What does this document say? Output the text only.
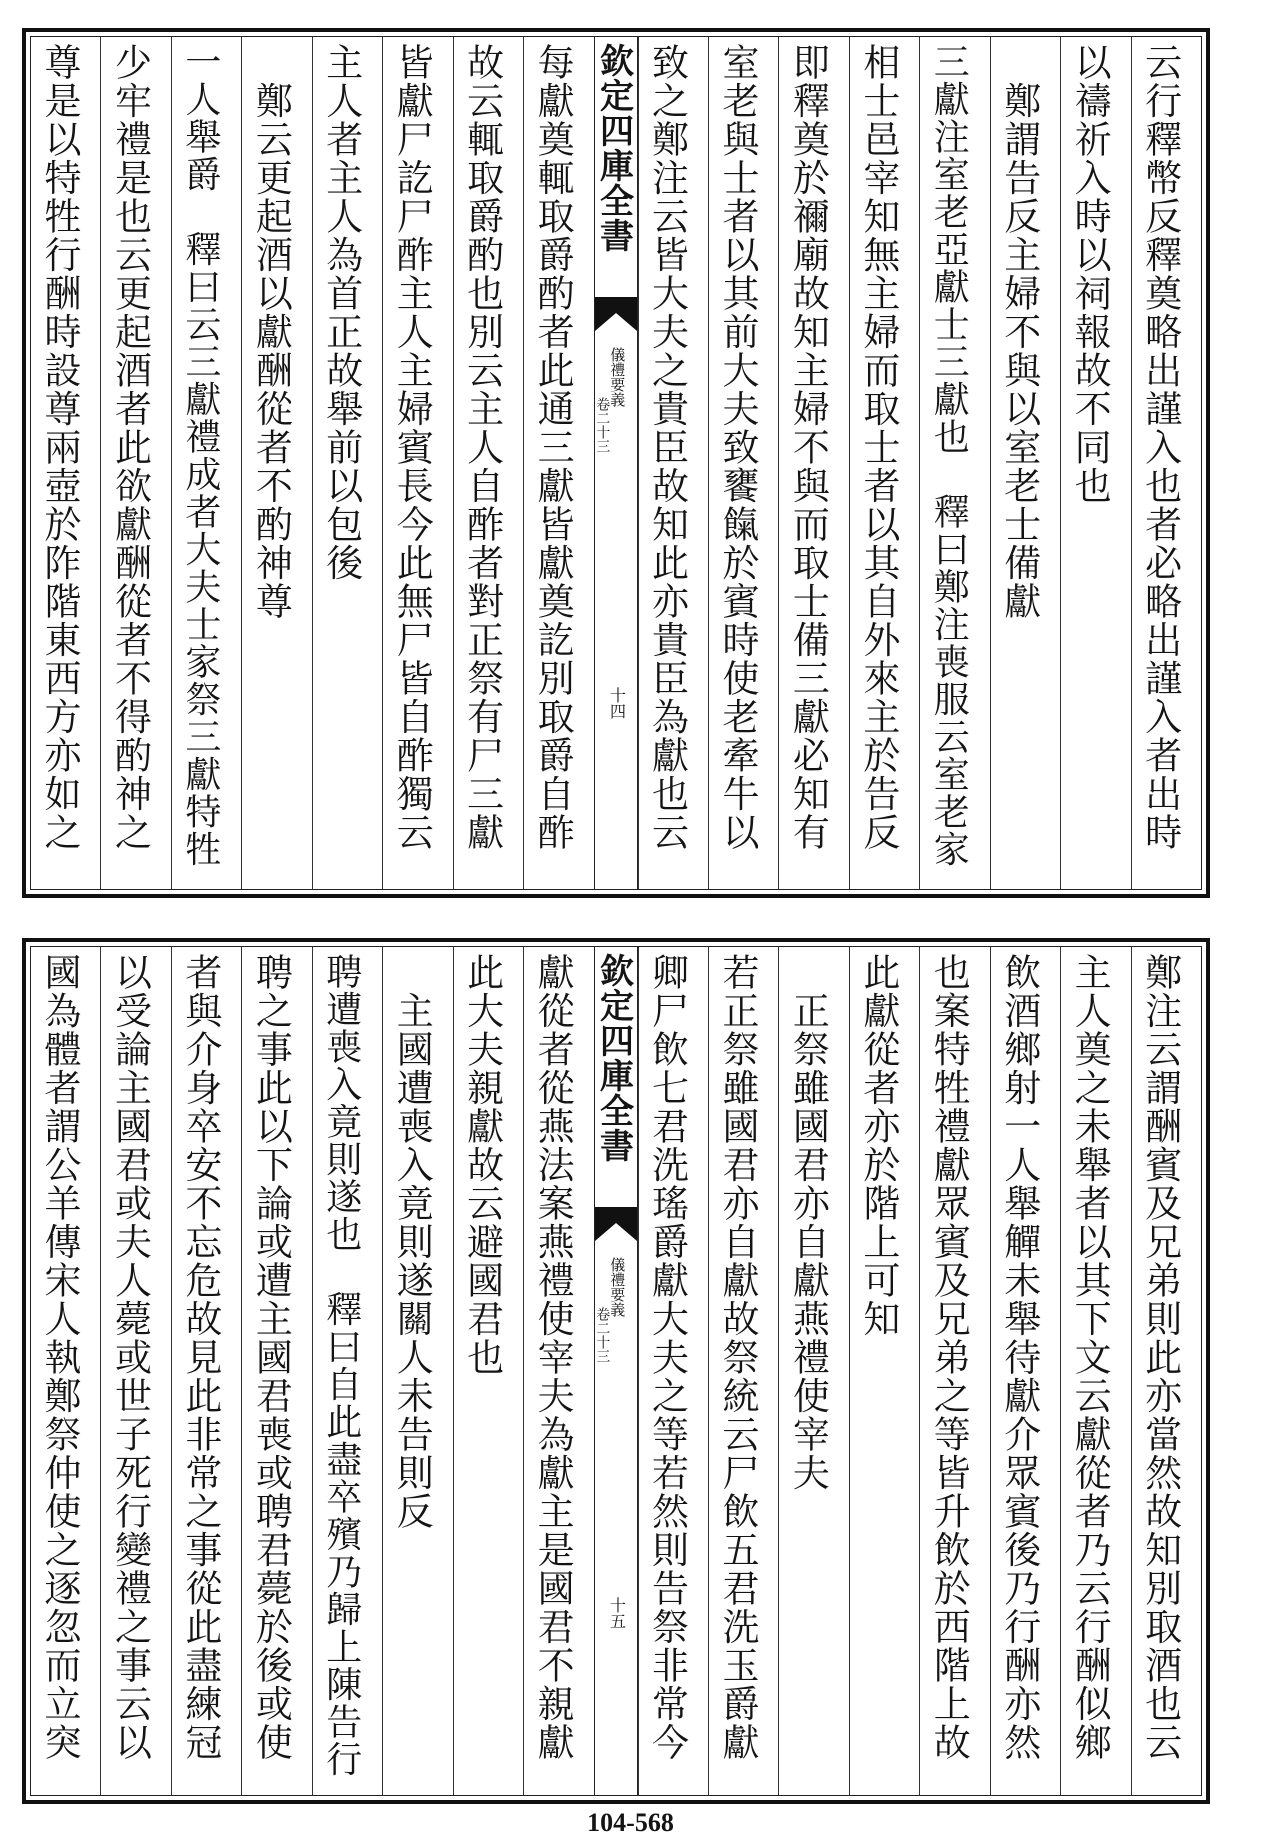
云行釋幣反釋奠略出謹入也者必略出謹入者出時
以禱祈入時以祠報故不同也
　鄭謂告反主婦不與以室老士備獻
三獻注室老亞獻士三獻也　釋曰鄭注喪服云室老家
相士邑宰知無主婦而取士者以其自外來主於告反
即釋奠於禰廟故知主婦不與而取士備三獻必知有
室老與士者以其前大夫致饔餼於賓時使老牽牛以
致之鄭注云皆大夫之貴臣故知此亦貴臣為獻也云
欽定四庫全書
儀禮要義
卷二十三
十四
每獻奠輒取爵酌者此通三獻皆獻奠訖別取爵自酢
故云輒取爵酌也別云主人自酢者對正祭有尸三獻
皆獻尸訖尸酢主人主婦賓長今此無尸皆自酢獨云
主人者主人為首正故舉前以包後
　鄭云更起酒以獻酬從者不酌神尊
一人舉爵　釋曰云三獻禮成者大夫士家祭三獻特牲
少牢禮是也云更起酒者此欲獻酬從者不得酌神之
尊是以特牲行酬時設尊兩壺於阼階東西方亦如之
鄭注云謂酬賓及兄弟則此亦當然故知別取酒也云
主人奠之未舉者以其下文云獻從者乃云行酬似鄉
飲酒鄉射一人舉觶未舉待獻介眾賓後乃行酬亦然
也案特牲禮獻眾賓及兄弟之等皆升飲於西階上故
此獻從者亦於階上可知
　正祭雖國君亦自獻燕禮使宰夫
若正祭雖國君亦自獻故祭統云尸飲五君洗玉爵獻
卿尸飲七君洗瑤爵獻大夫之等若然則告祭非常今
欽定四庫全書
儀禮要義
卷二十三
十五
獻從者從燕法案燕禮使宰夫為獻主是國君不親獻
此大夫親獻故云避國君也
　主國遭喪入竟則遂關人未告則反
聘遭喪入竟則遂也　釋曰自此盡卒殯乃歸上陳告行
聘之事此以下論或遭主國君喪或聘君薨於後或使
者與介身卒安不忘危故見此非常之事從此盡練冠
以受論主國君或夫人薨或世子死行變禮之事云以
國為體者謂公羊傳宋人執鄭祭仲使之逐忽而立突
104-568
